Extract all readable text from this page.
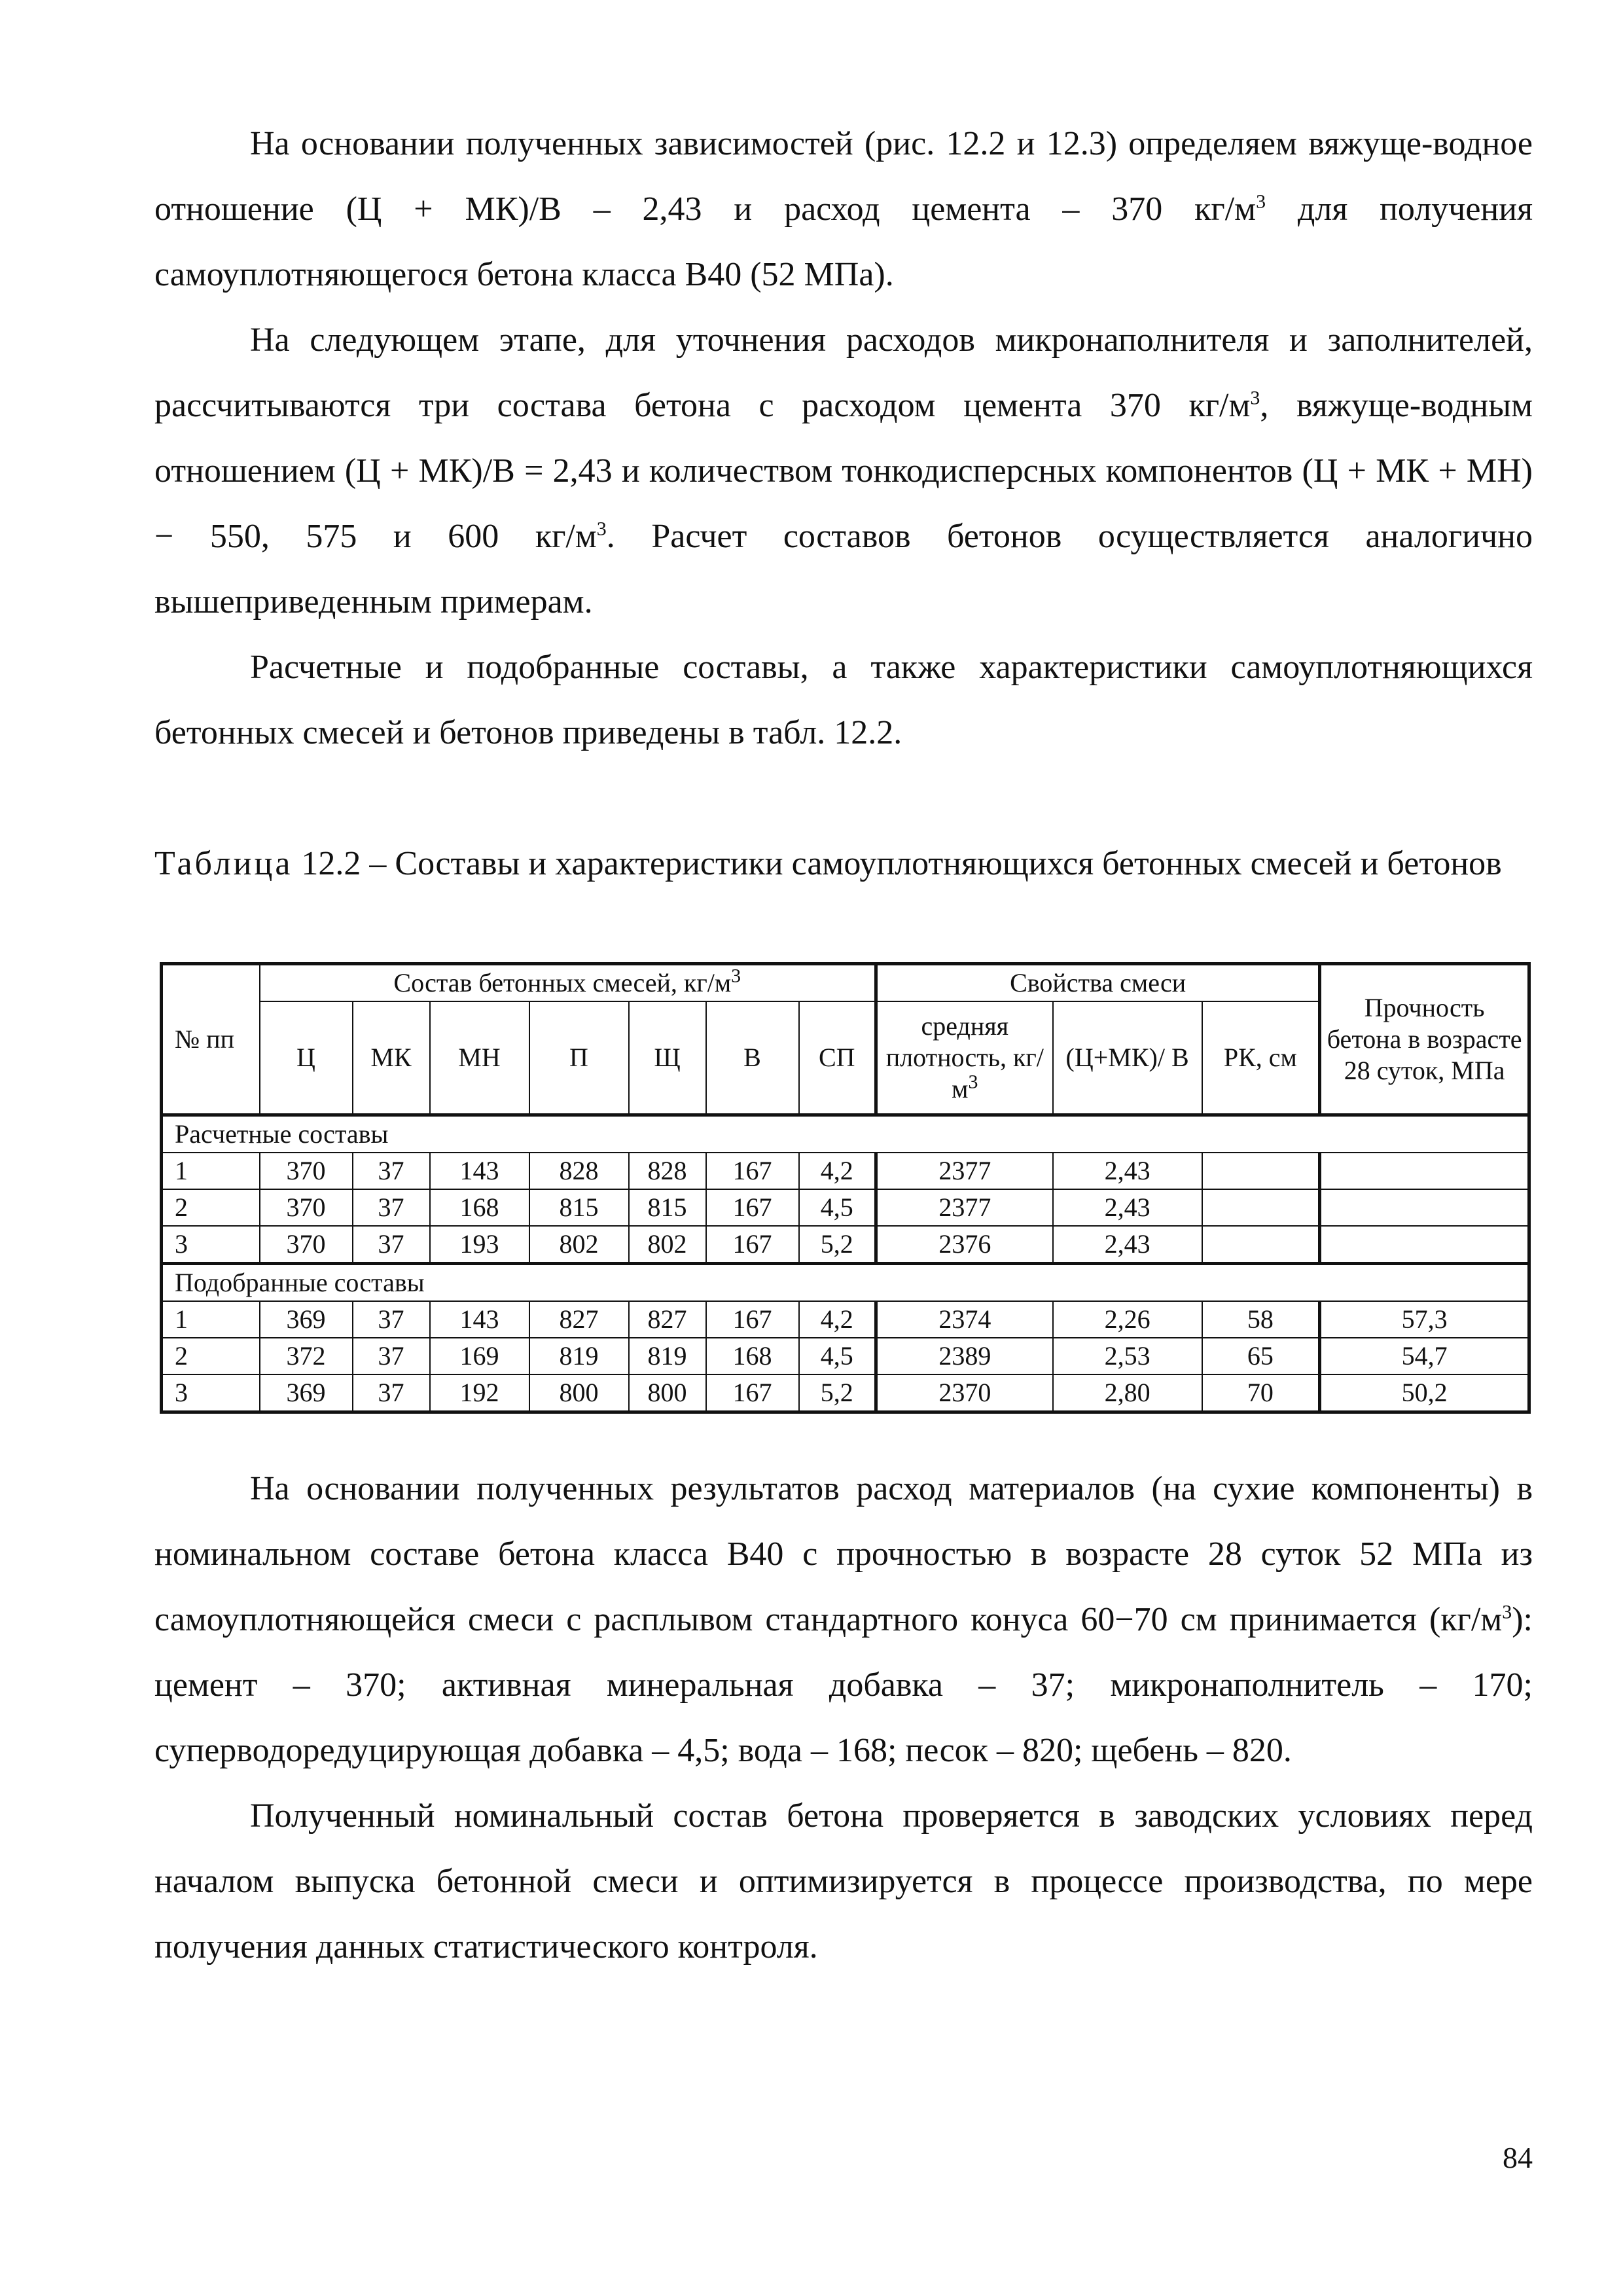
На основании полученных зависимостей (рис. 12.2 и 12.3) определяем вяжуще-водное отношение (Ц + МК)/В – 2,43 и расход цемента – 370 $кг/м^3$ для получения самоуплотняющегося бетона класса В40 (52 МПа).

На следующем этапе, для уточнения расходов микронаполнителя и заполнителей, рассчитываются три состава бетона с расходом цемента 370 $кг/м^3$, вяжуще-водным отношением (Ц + МК)/В = 2,43 и количеством тонкодисперсных компонентов (Ц + МК + МН) − 550, 575 и 600 $кг/м^3$. Расчет составов бетонов осуществляется аналогично вышеприведенным примерам.

Расчетные и подобранные составы, а также характеристики самоуплотняющихся бетонных смесей и бетонов приведены в табл. 12.2.

Таблица 12.2 – Составы и характеристики самоуплотняющихся бетонных смесей и бетонов

№ пп	Состав бетонных смесей, $кг/м^3$							Свойства смеси			Прочность бетона в возрасте 28 суток, МПа
	Ц	МК	МН	П	Щ	В	СП	средняя плотность, $кг/м^3$	(Ц+МК)/ В	РК, см	
Расчетные составы											
1	370	37	143	828	828	167	4,2	2377	2,43		
2	370	37	168	815	815	167	4,5	2377	2,43		
3	370	37	193	802	802	167	5,2	2376	2,43		
Подобранные составы											
1	369	37	143	827	827	167	4,2	2374	2,26	58	57,3
2	372	37	169	819	819	168	4,5	2389	2,53	65	54,7
3	369	37	192	800	800	167	5,2	2370	2,80	70	50,2

На основании полученных результатов расход материалов (на сухие компоненты) в номинальном составе бетона класса В40 с прочностью в возрасте 28 суток 52 МПа из самоуплотняющейся смеси с расплывом стандартного конуса 60−70 см принимается $(кг/м^3)$: цемент – 370; активная минеральная добавка – 37; микронаполнитель – 170; суперводоредуцирующая добавка – 4,5; вода – 168; песок – 820; щебень – 820.

Полученный номинальный состав бетона проверяется в заводских условиях перед началом выпуска бетонной смеси и оптимизируется в процессе производства, по мере получения данных статистического контроля.

84
